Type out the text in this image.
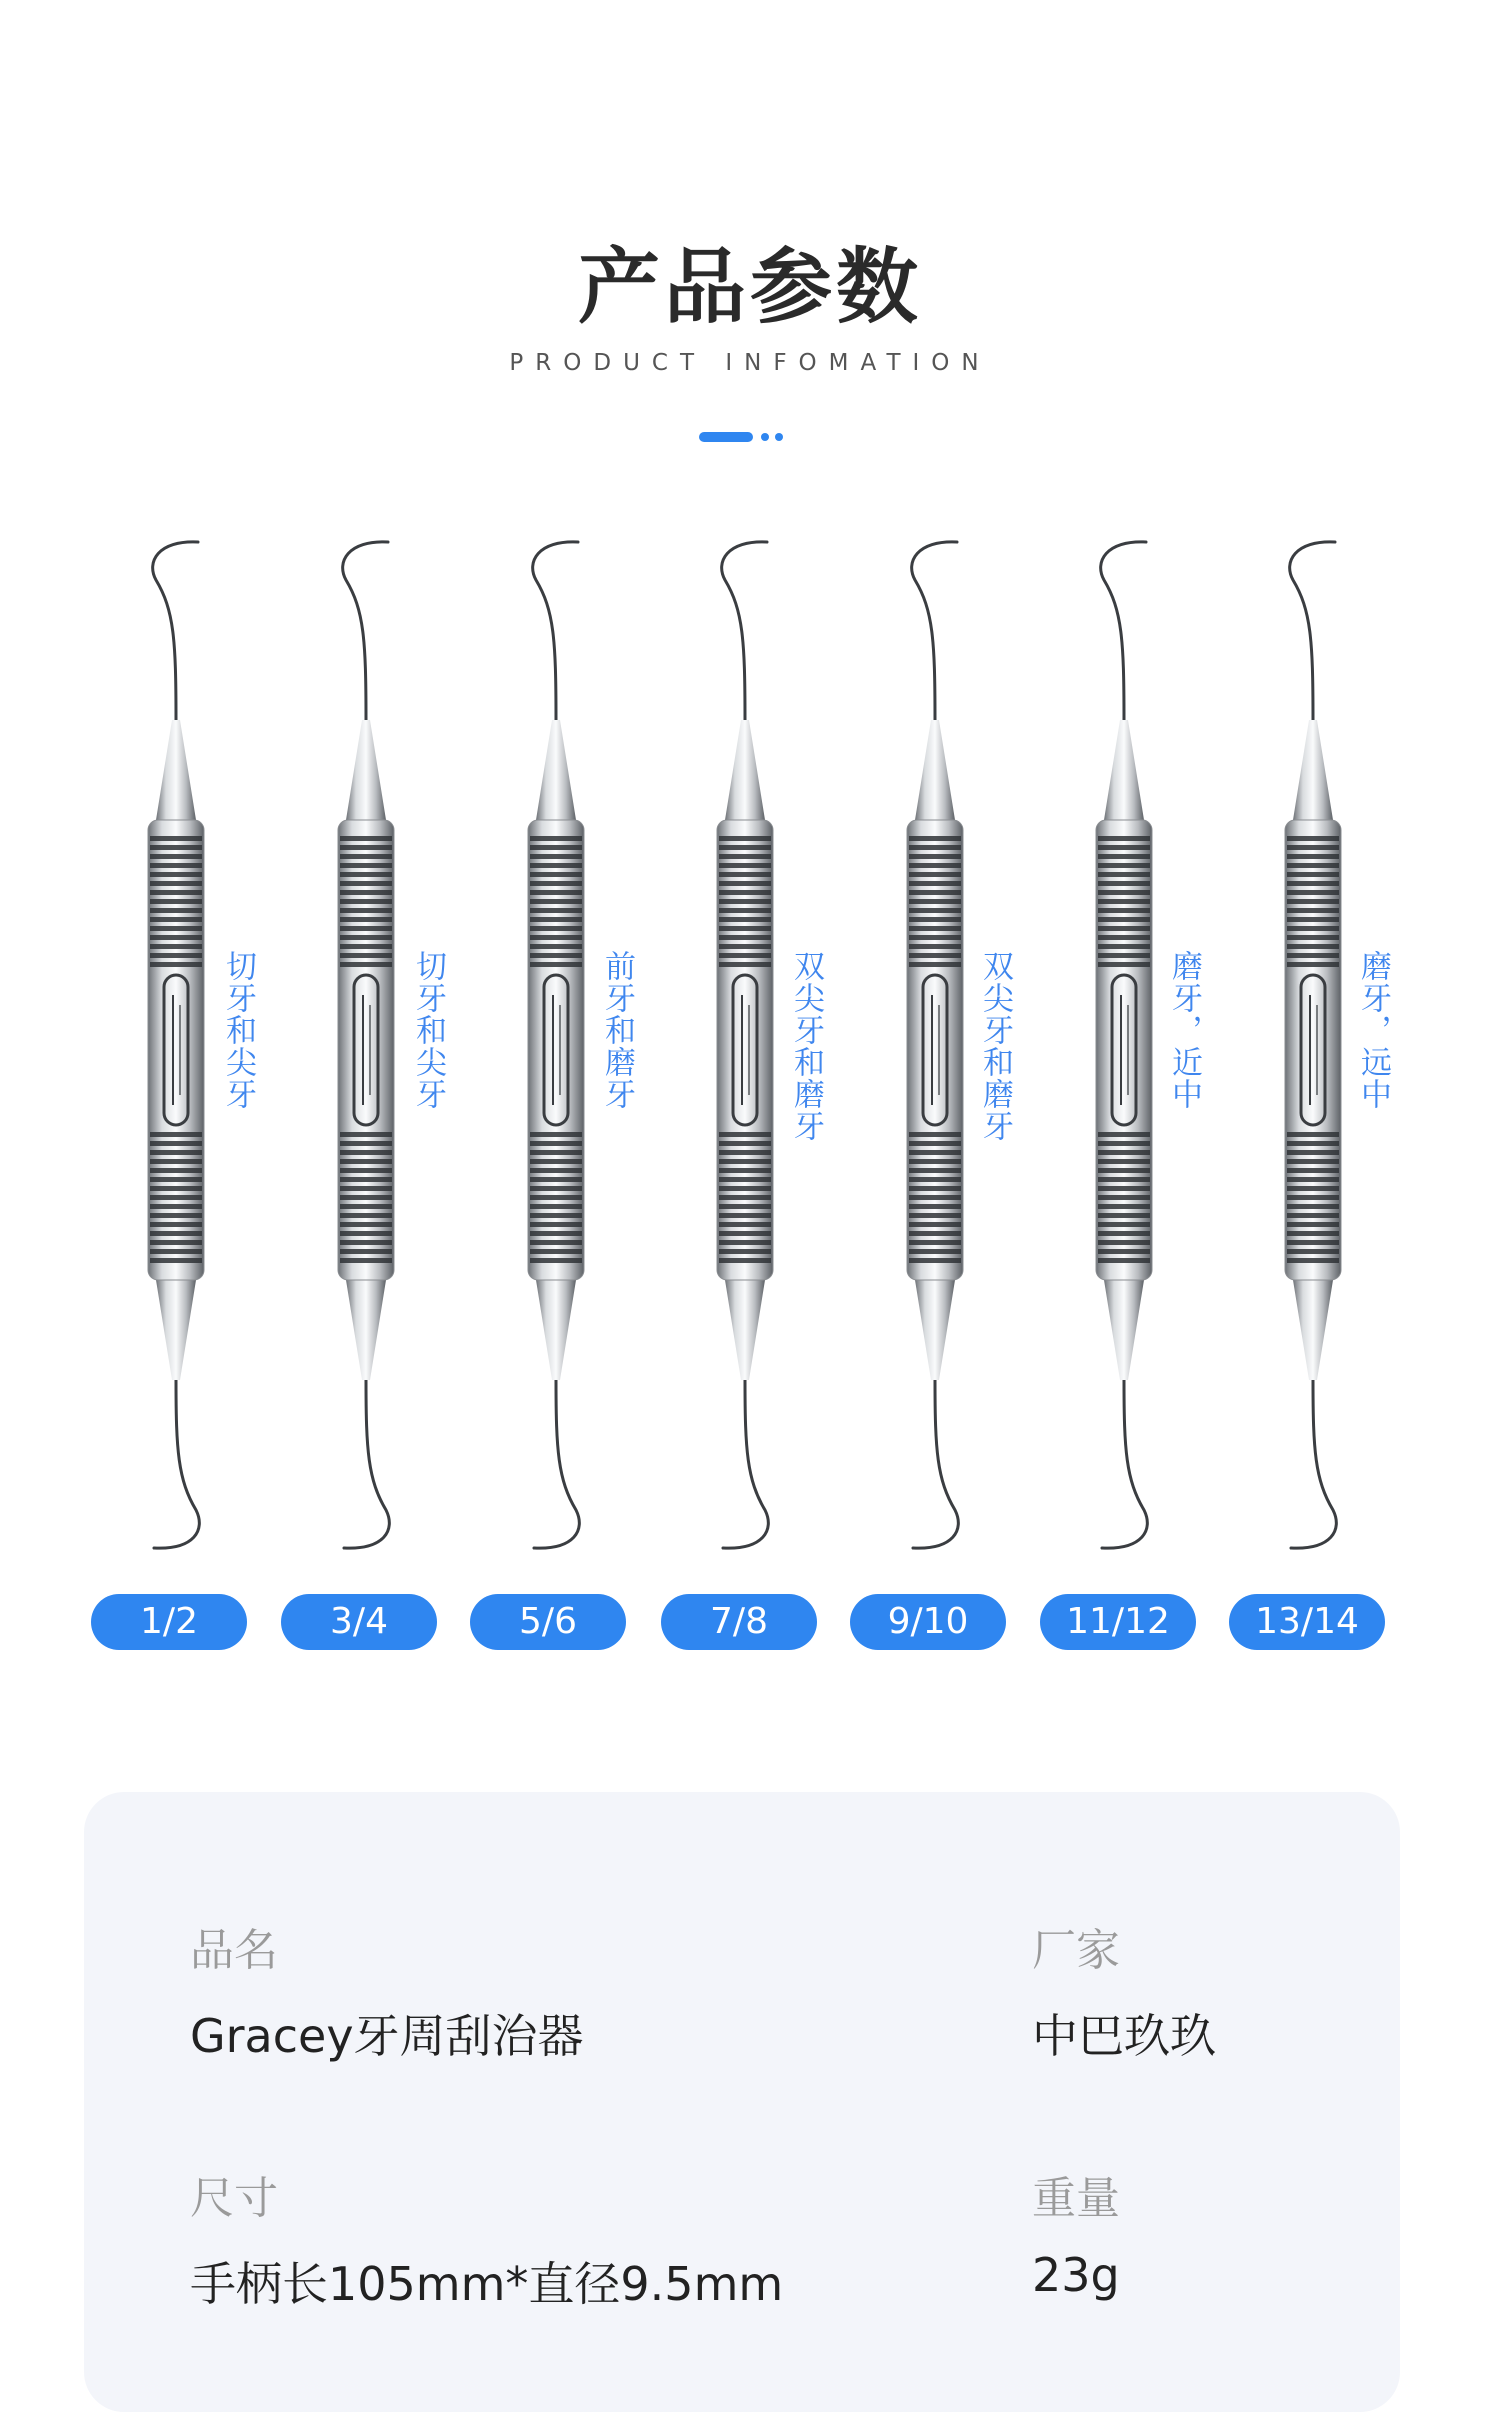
产品参数
PRODUCT INFOMATION
切牙和尖牙	切牙和尖牙	前牙和磨牙	双尖牙和磨牙	双尖牙和磨牙	磨牙，近中	磨牙，远中
1/2	3/4	5/6	7/8	9/10	11/12	13/14
品名
Gracey牙周刮治器
厂家
中巴玖玖
尺寸
手柄长105mm*直径9.5mm
重量
23g
